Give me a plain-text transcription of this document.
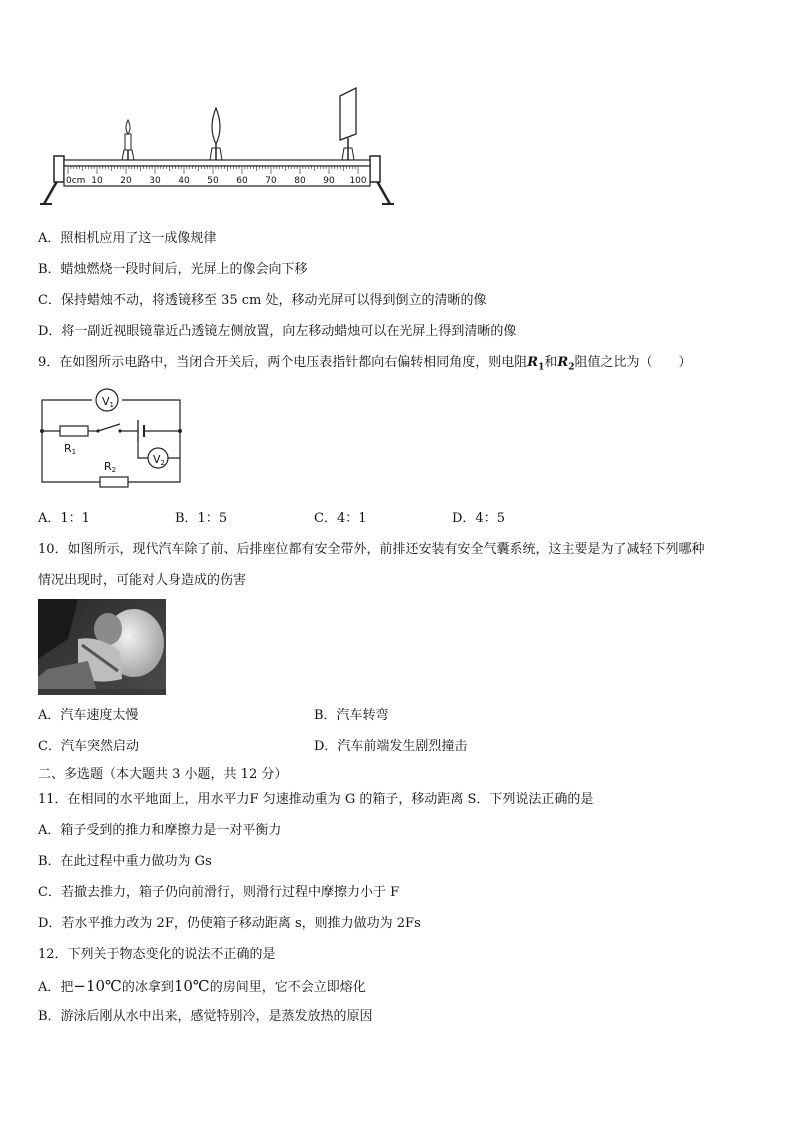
0cm 10 20 30 40 50 60 70 80 90 100
A．照相机应用了这一成像规律
B．蜡烛燃烧一段时间后，光屏上的像会向下移
C．保持蜡烛不动，将透镜移至 35 cm 处，移动光屏可以得到倒立的清晰的像
D．将一副近视眼镜靠近凸透镜左侧放置，向左移动蜡烛可以在光屏上得到清晰的像
9．在如图所示电路中，当闭合开关后，两个电压表指针都向右偏转相同角度，则电阻$R_1$和$R_2$阻值之比为（　　）
V1
V2
R1
R2
A．1：1	B．1：5	C．4：1	D．4：5
10．如图所示，现代汽车除了前、后排座位都有安全带外，前排还安装有安全气囊系统，这主要是为了减轻下列哪种
情况出现时，可能对人身造成的伤害
A．汽车速度太慢	B．汽车转弯
C．汽车突然启动	D．汽车前端发生剧烈撞击
二、多选题（本大题共 3 小题，共 12 分）
11．在相同的水平地面上，用水平力F 匀速推动重为 G 的箱子，移动距离 S．下列说法正确的是
A．箱子受到的推力和摩擦力是一对平衡力
B．在此过程中重力做功为 Gs
C．若撤去推力，箱子仍向前滑行，则滑行过程中摩擦力小于 F
D．若水平推力改为 2F，仍使箱子移动距离 s，则推力做功为 2Fs
12．下列关于物态变化的说法不正确的是
A．把−10℃的冰拿到10℃的房间里，它不会立即熔化
B．游泳后刚从水中出来，感觉特别冷，是蒸发放热的原因
